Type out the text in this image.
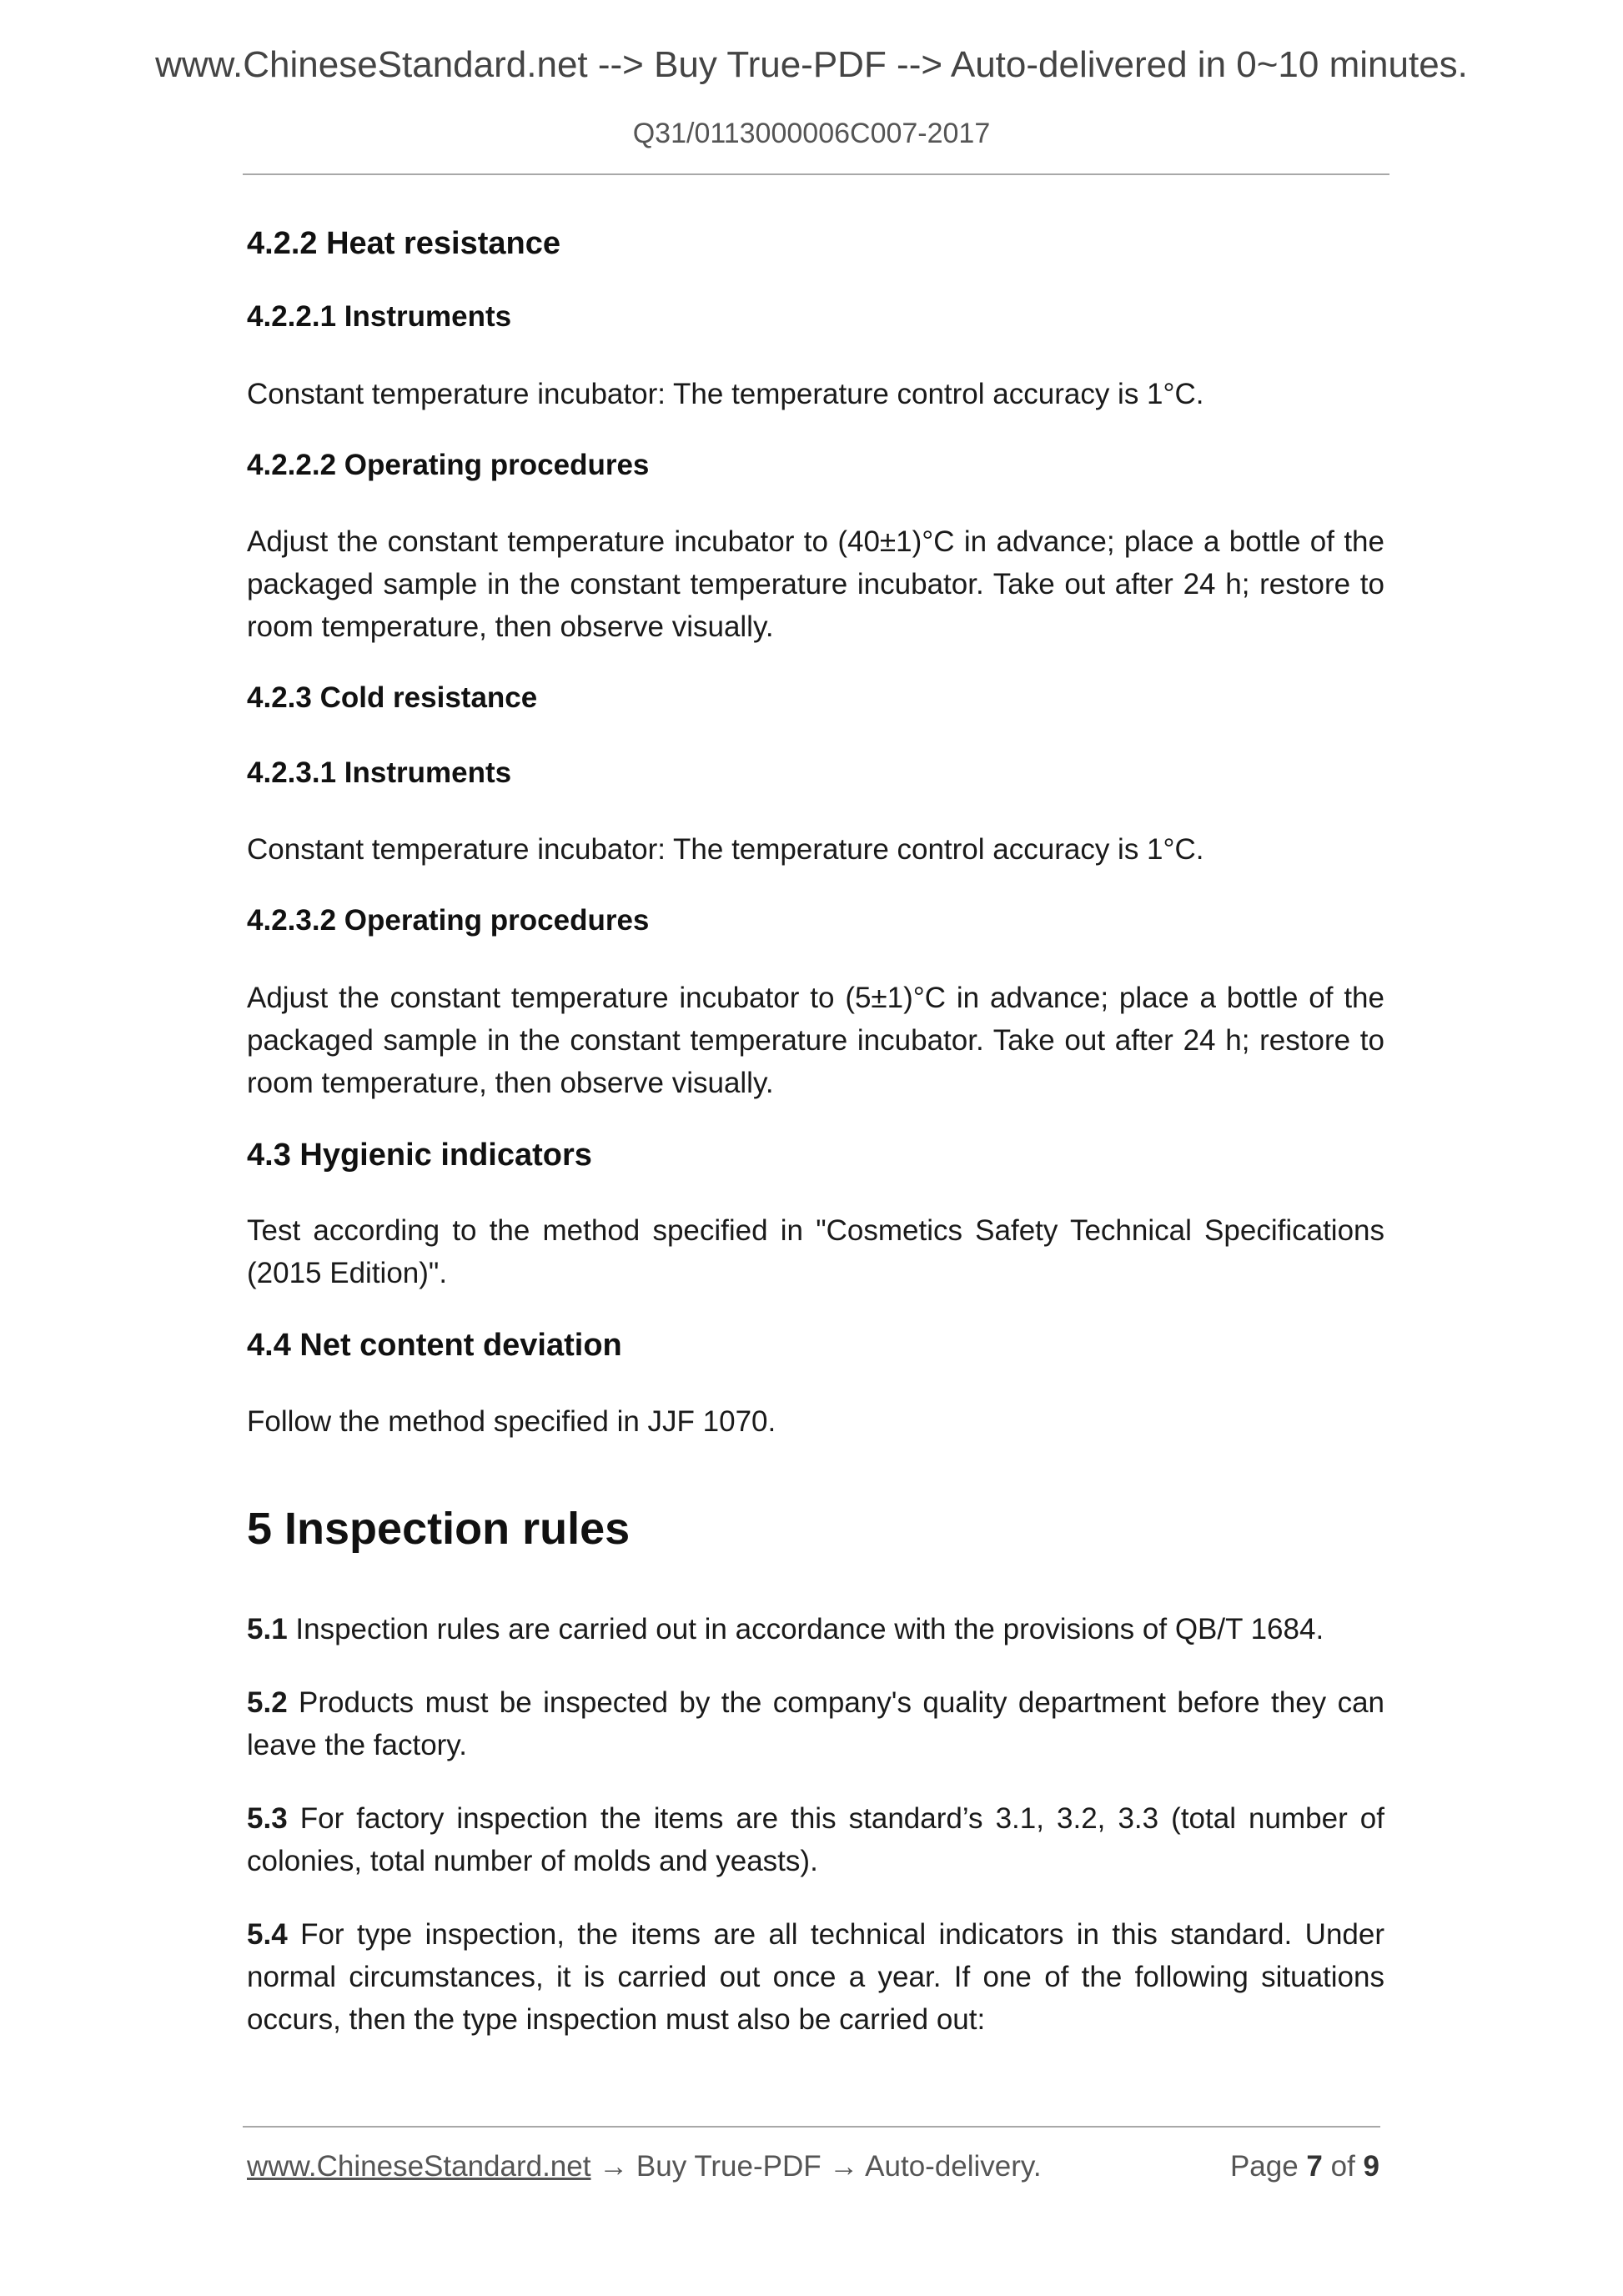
www.ChineseStandard.net --> Buy True-PDF --> Auto-delivered in 0~10 minutes.
Q31/0113000006C007-2017
4.2.2 Heat resistance
4.2.2.1 Instruments
Constant temperature incubator: The temperature control accuracy is 1°C.
4.2.2.2 Operating procedures
Adjust the constant temperature incubator to (40±1)°C in advance; place a bottle of the packaged sample in the constant temperature incubator. Take out after 24 h; restore to room temperature, then observe visually.
4.2.3 Cold resistance
4.2.3.1 Instruments
Constant temperature incubator: The temperature control accuracy is 1°C.
4.2.3.2 Operating procedures
Adjust the constant temperature incubator to (5±1)°C in advance; place a bottle of the packaged sample in the constant temperature incubator. Take out after 24 h; restore to room temperature, then observe visually.
4.3 Hygienic indicators
Test according to the method specified in "Cosmetics Safety Technical Specifications (2015 Edition)".
4.4 Net content deviation
Follow the method specified in JJF 1070.
5 Inspection rules
5.1 Inspection rules are carried out in accordance with the provisions of QB/T 1684.
5.2 Products must be inspected by the company's quality department before they can leave the factory.
5.3 For factory inspection the items are this standard’s 3.1, 3.2, 3.3 (total number of colonies, total number of molds and yeasts).
5.4 For type inspection, the items are all technical indicators in this standard. Under normal circumstances, it is carried out once a year. If one of the following situations occurs, then the type inspection must also be carried out:
www.ChineseStandard.net → Buy True-PDF → Auto-delivery.	Page 7 of 9
